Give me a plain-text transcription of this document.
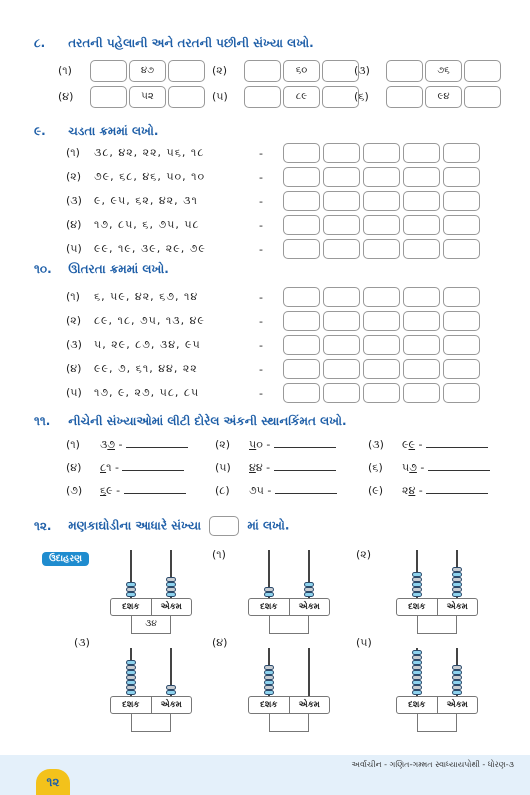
૮. તરતની પહેલાની અને તરતની પછીની સંખ્યા લખો.
(૧)	૪૭	(૨)	૬૦	(૩)	૭૬
(૪)	૫૨	(૫)	૮૯	(૬)	૯૪
૯. ચડતા ક્રમમાં લખો.
(૧) ૩૮, ૪૨, ૨૨, ૫૬, ૧૮	-
(૨) ૭૯, ૬૮, ૪૬, ૫૦, ૧૦	-
(૩) ૯, ૯૫, ૬૨, ૪૨, ૩૧	-
(૪) ૧૭, ૮૫, ૬, ૭૫, ૫૮	-
(૫) ૯૯, ૧૯, ૩૯, ૨૯, ૭૯	-
૧૦. ઊતરતા ક્રમમાં લખો.
(૧) ૬, ૫૯, ૪૨, ૬૭, ૧૪	-
(૨) ૮૯, ૧૮, ૭૫, ૧૩, ૪૯	-
(૩) ૫, ૨૯, ૮૭, ૩૪, ૯૫	-
(૪) ૯૯, ૭, ૬૧, ૪૪, ૨૨	-
(૫) ૧૭, ૯, ૨૭, ૫૮, ૮૫	-
૧૧. નીચેની સંખ્યાઓમાં લીટી દોરેલ અંકની સ્થાનકિંમત લખો.
(૧) ૩૭ -	(૨) ૫૦ -	(૩) ૯૯ -
(૪) ૮૧ -	(૫) ૪૪ -	(૬) ૫૭ -
(૭) ૬૯ -	(૮) ૭૫ -	(૯) ૨૪ -
૧૨. મણકાઘોડીના આધારે સંખ્યા	માં લખો.
ઉદાહરણ
દશક	એકમ
૩૪
(૧)
દશક	એકમ
(૨)
દશક	એકમ
(૩)
દશક	એકમ
(૪)
દશક	એકમ
(૫)
દશક	એકમ
અર્વાચીન - ગણિત-ગમ્મત સ્વાધ્યાયપોથી - ધોરણ-૩
૧૨
